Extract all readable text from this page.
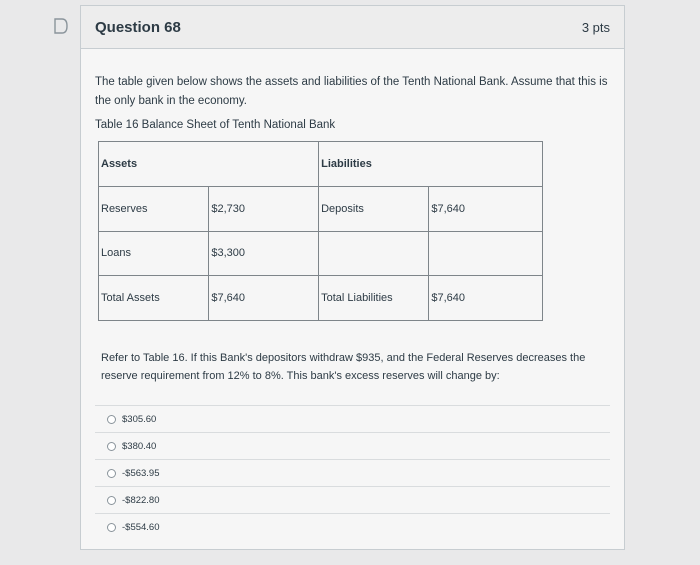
Question 68	3 pts
The table given below shows the assets and liabilities of the Tenth National Bank. Assume that this is the only bank in the economy.
Table 16 Balance Sheet of Tenth National Bank
Assets		Liabilities	
Reserves	$2,730	Deposits	$7,640
Loans	$3,300		
Total Assets	$7,640	Total Liabilities	$7,640
Refer to Table 16. If this Bank's depositors withdraw $935, and the Federal Reserves decreases the reserve requirement from 12% to 8%. This bank's excess reserves will change by:
$305.60
$380.40
-$563.95
-$822.80
-$554.60
